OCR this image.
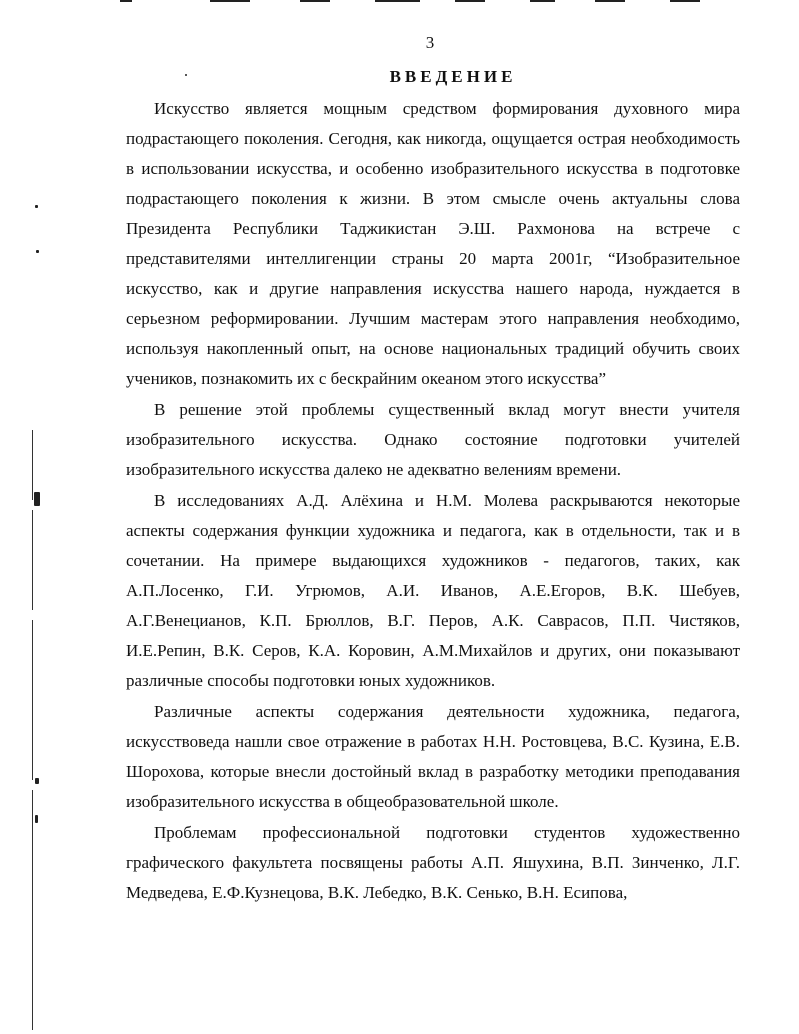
3
ВВЕДЕНИЕ

Искусство является мощным средством формирования духовного мира подрастающего поколения. Сегодня, как никогда, ощущается острая необходимость в использовании искусства, и особенно изобразительного искусства в подготовке подрастающего поколения к жизни. В этом смысле очень актуальны слова Президента Республики Таджикистан Э.Ш. Рахмонова на встрече с представителями интеллигенции страны 20 марта 2001г, “Изобразительное искусство, как и другие направления искусства нашего народа, нуждается в серьезном реформировании. Лучшим мастерам этого направления необходимо, используя накопленный опыт, на основе национальных традиций обучить своих учеников, познакомить их с бескрайним океаном этого искусства”

В решение этой проблемы существенный вклад могут внести учителя изобразительного искусства. Однако состояние подготовки учителей изобразительного искусства далеко не адекватно велениям времени.

В исследованиях А.Д. Алёхина и Н.М. Молева раскрываются некоторые аспекты содержания функции художника и педагога, как в отдельности, так и в сочетании. На примере выдающихся художников - педагогов, таких, как А.П.Лосенко, Г.И. Угрюмов, А.И. Иванов, А.Е.Егоров, В.К. Шебуев, А.Г.Венецианов, К.П. Брюллов, В.Г. Перов, А.К. Саврасов, П.П. Чистяков, И.Е.Репин, В.К. Серов, К.А. Коровин, А.М.Михайлов и других, они показывают различные способы подготовки юных художников.

Различные аспекты содержания деятельности художника, педагога, искусствоведа нашли свое отражение в работах Н.Н. Ростовцева, В.С. Кузина, Е.В. Шорохова, которые внесли достойный вклад в разработку методики преподавания изобразительного искусства в общеобразовательной школе.

Проблемам профессиональной подготовки студентов художественно графического факультета посвящены работы А.П. Яшухина, В.П. Зинченко, Л.Г. Медведева, Е.Ф.Кузнецова, В.К. Лебедко, В.К. Сенько, В.Н. Есипова,
